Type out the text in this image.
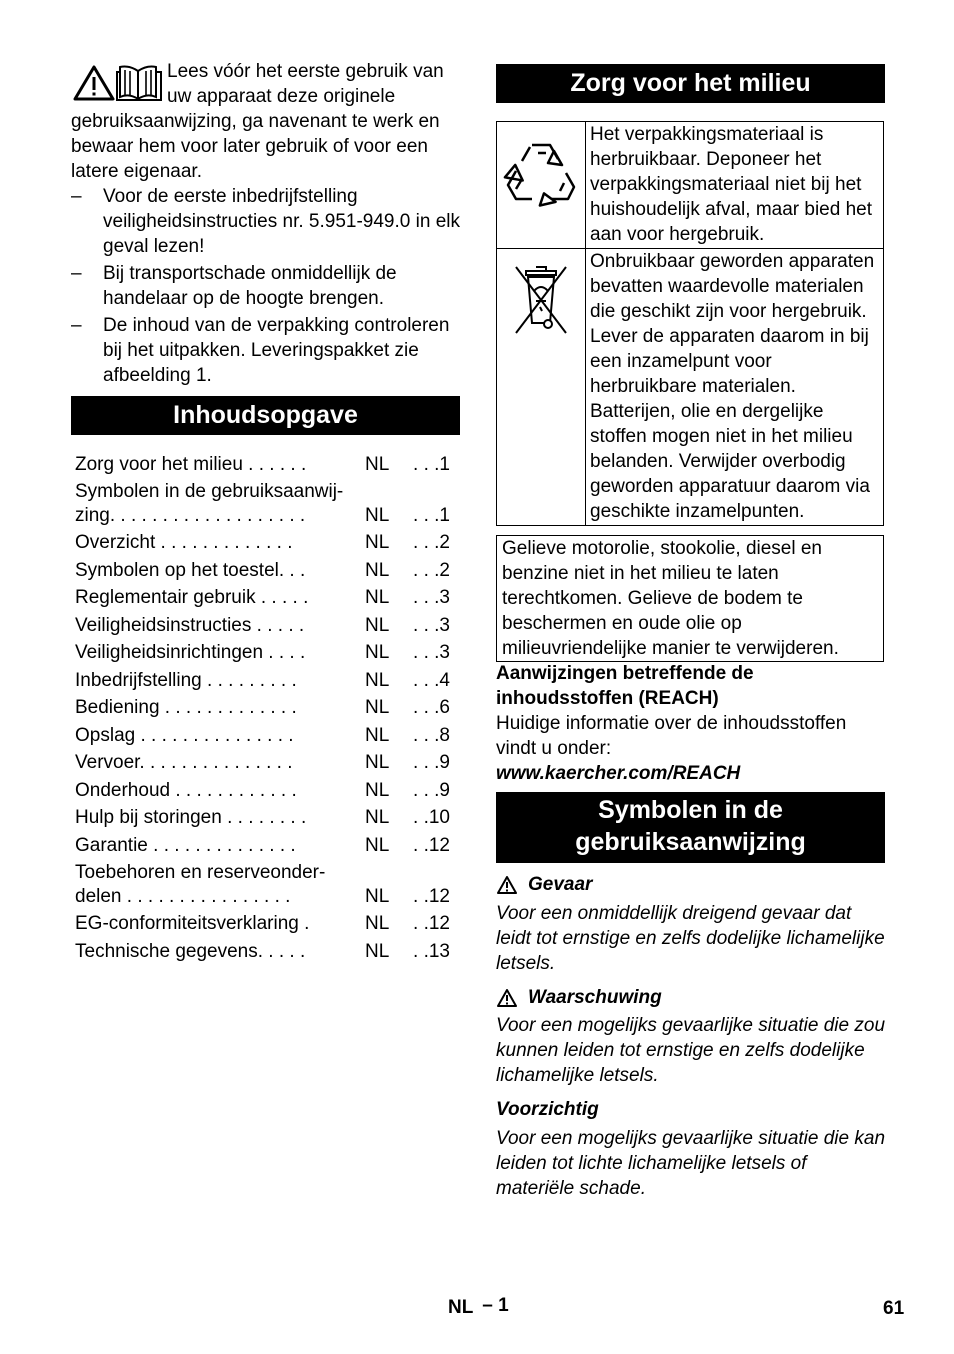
Lees vóór het eerste gebruik van uw apparaat deze originele gebruiksaanwijzing, ga navenant te werk en bewaar hem voor later gebruik of voor een latere eigenaar.
– Voor de eerste inbedrijfstelling veiligheidsinstructies nr. 5.951-949.0 in elk geval lezen!
– Bij transportschade onmiddellijk de handelaar op de hoogte brengen.
– De inhoud van de verpakking controleren bij het uitpakken. Leveringspakket zie afbeelding 1.
Inhoudsopgave
Zorg voor het milieu . . . . . .	NL . . .1
Symbolen in de gebruiksaanwij-
zing. . . . . . . . . . . . . . . . . . .	NL . . .1
Overzicht . . . . . . . . . . . . .	NL . . .2
Symbolen op het toestel. . .	NL . . .2
Reglementair gebruik . . . . .	NL . . .3
Veiligheidsinstructies . . . . .	NL . . .3
Veiligheidsinrichtingen . . . .	NL . . .3
Inbedrijfstelling . . . . . . . . .	NL . . .4
Bediening . . . . . . . . . . . . .	NL . . .6
Opslag . . . . . . . . . . . . . . .	NL . . .8
Vervoer. . . . . . . . . . . . . . .	NL . . .9
Onderhoud . . . . . . . . . . . .	NL . . .9
Hulp bij storingen . . . . . . . .	NL . .10
Garantie . . . . . . . . . . . . . .	NL . .12
Toebehoren en reserveonder-
delen . . . . . . . . . . . . . . . .	NL . .12
EG-conformiteitsverklaring .	NL . .12
Technische gegevens. . . . .	NL . .13
Zorg voor het milieu
	Het verpakkingsmateriaal is herbruikbaar. Deponeer het verpakkingsmateriaal niet bij het huishoudelijk afval, maar bied het aan voor hergebruik.
	Onbruikbaar geworden apparaten bevatten waardevolle materialen die geschikt zijn voor hergebruik. Lever de apparaten daarom in bij een inzamelpunt voor herbruikbare materialen. Batterijen, olie en dergelijke stoffen mogen niet in het milieu belanden. Verwijder overbodig geworden apparatuur daarom via geschikte inzamelpunten.
Gelieve motorolie, stookolie, diesel en benzine niet in het milieu te laten terechtkomen. Gelieve de bodem te beschermen en oude olie op milieuvriendelijke manier te verwijderen.

Aanwijzingen betreffende de inhoudsstoffen (REACH)

Huidige informatie over de inhoudsstoffen vindt u onder:

www.kaercher.com/REACH

Symbolen in de
gebruiksaanwijzing
Gevaar

Voor een onmiddellijk dreigend gevaar dat leidt tot ernstige en zelfs dodelijke lichamelijke letsels.

Waarschuwing

Voor een mogelijks gevaarlijke situatie die zou kunnen leiden tot ernstige en zelfs dodelijke lichamelijke letsels.

Voorzichtig

Voor een mogelijks gevaarlijke situatie die kan leiden tot lichte lichamelijke letsels of materiële schade.

NL – 1	61
